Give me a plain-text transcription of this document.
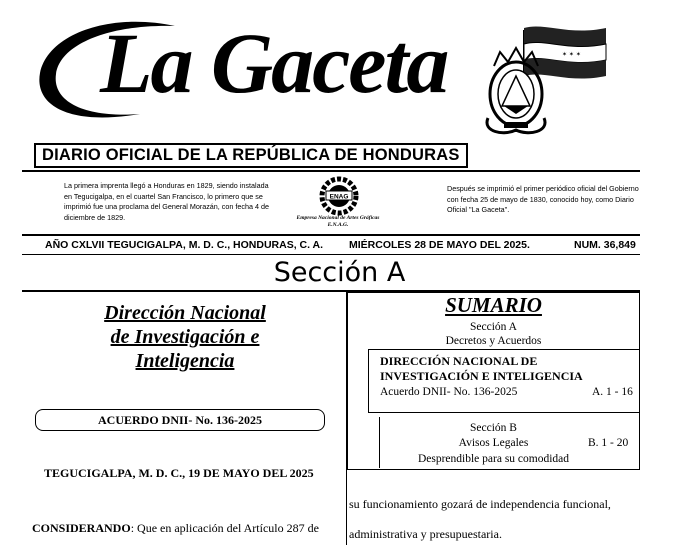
La Gaceta	✶ ✶ ✶
DIARIO OFICIAL DE LA REPÚBLICA DE HONDURAS
La primera imprenta llegó a Honduras en 1829, siendo instalada en Tegucigalpa, en el cuartel San Francisco, lo primero que se imprimió fue una proclama del General Morazán, con fecha 4 de diciembre de 1829.
ENAG
Empresa Nacional de Artes Gráficas
E.N.A.G.
Después se imprimió el primer periódico oficial del Gobierno con fecha 25 de mayo de 1830, conocido hoy, como Diario Oficial "La Gaceta".
AÑO CXLVII TEGUCIGALPA, M. D. C., HONDURAS, C. A. MIÉRCOLES 28 DE MAYO DEL 2025.	NUM. 36,849
Sección A
Dirección Nacional
de Investigación e
Inteligencia
ACUERDO DNII- No. 136-2025
TEGUCIGALPA, M. D. C., 19 DE MAYO DEL 2025
CONSIDERANDO: Que en aplicación del Artículo 287 de
SUMARIO
Sección A
Decretos y Acuerdos
DIRECCIÓN NACIONAL DE
INVESTIGACIÓN E INTELIGENCIA
Acuerdo DNII- No. 136-2025	A. 1 - 16
Sección B
Avisos Legales	B. 1 - 20
Desprendible para su comodidad
su funcionamiento gozará de independencia funcional,
administrativa y presupuestaria.
